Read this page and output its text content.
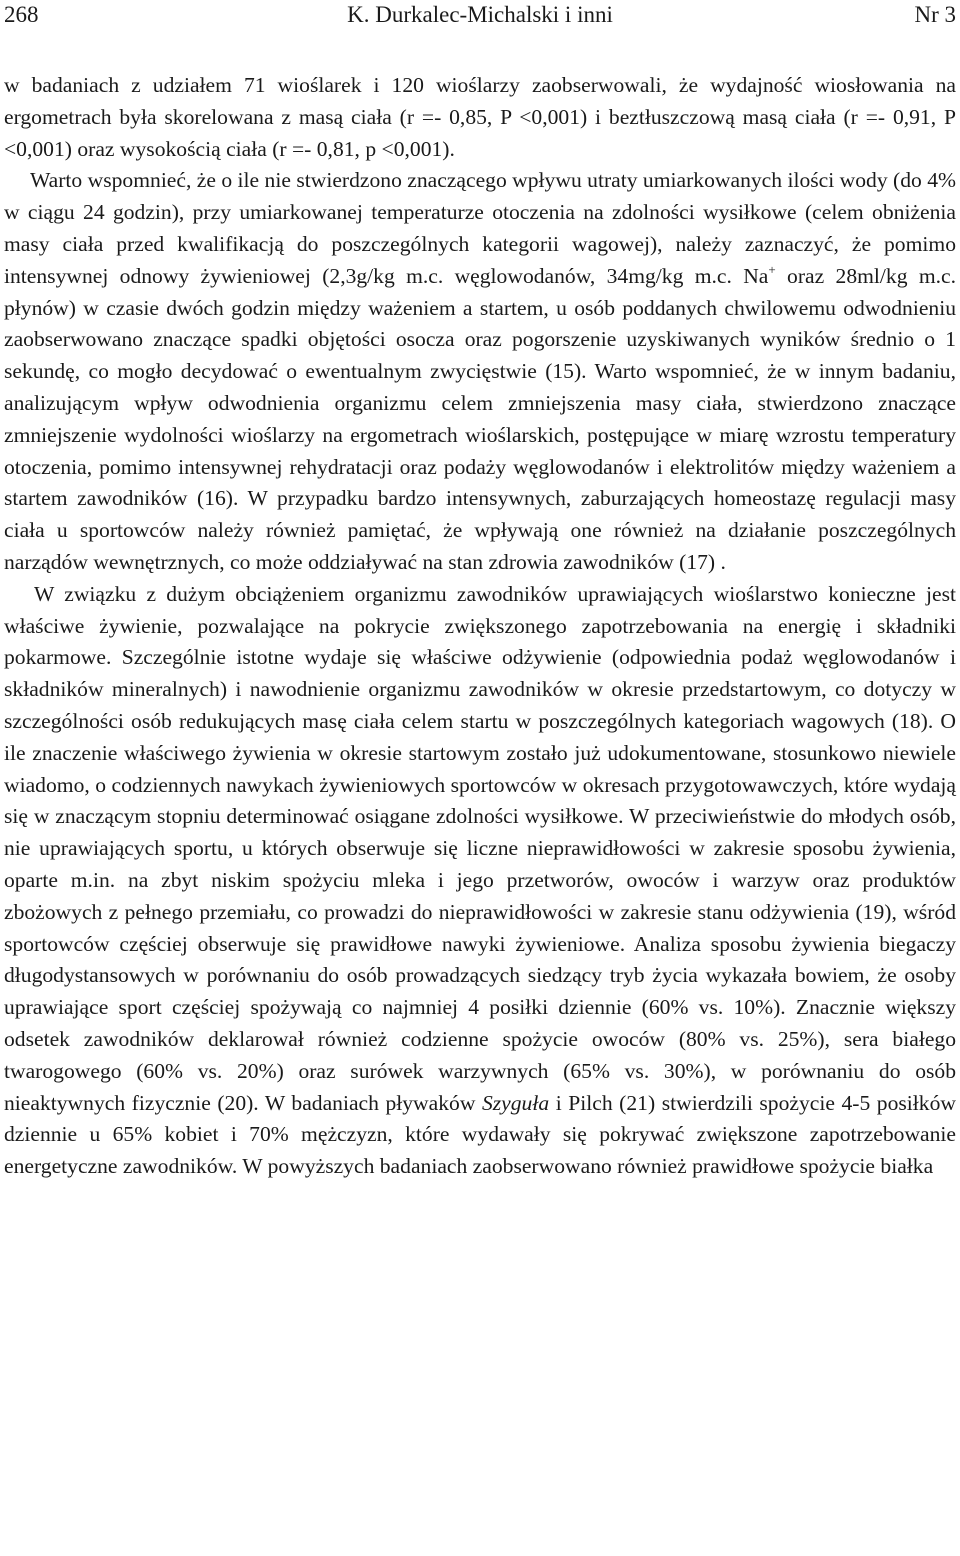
268	K. Durkalec-Michalski i inni	Nr 3

w badaniach z udziałem 71 wioślarek i 120 wioślarzy zaobserwowali, że wydajność wiosłowania na ergometrach była skorelowana z masą ciała (r =- 0,85, P <0,001) i beztłuszczową masą ciała (r =- 0,91, P <0,001) oraz wysokością ciała (r =- 0,81, p <0,001).

Warto wspomnieć, że o ile nie stwierdzono znaczącego wpływu utraty umiarkowanych ilości wody (do 4% w ciągu 24 godzin), przy umiarkowanej temperaturze otoczenia na zdolności wysiłkowe (celem obniżenia masy ciała przed kwalifikacją do poszczególnych kategorii wagowej), należy zaznaczyć, że pomimo intensywnej odnowy żywieniowej (2,3g/kg m.c. węglowodanów, 34mg/kg m.c. Na+ oraz 28ml/kg m.c. płynów) w czasie dwóch godzin między ważeniem a startem, u osób poddanych chwilowemu odwodnieniu zaobserwowano znaczące spadki objętości osocza oraz pogorszenie uzyskiwanych wyników średnio o 1 sekundę, co mogło decydować o ewentualnym zwycięstwie (15). Warto wspomnieć, że w innym badaniu, analizującym wpływ odwodnienia organizmu celem zmniejszenia masy ciała, stwierdzono znaczące zmniejszenie wydolności wioślarzy na ergometrach wioślarskich, postępujące w miarę wzrostu temperatury otoczenia, pomimo intensywnej rehydratacji oraz podaży węglowodanów i elektrolitów między ważeniem a startem zawodników (16). W przypadku bardzo intensywnych, zaburzających homeostazę regulacji masy ciała u sportowców należy również pamiętać, że wpływają one również na działanie poszczególnych narządów wewnętrznych, co może oddziaływać na stan zdrowia zawodników (17) .

W związku z dużym obciążeniem organizmu zawodników uprawiających wioślarstwo konieczne jest właściwe żywienie, pozwalające na pokrycie zwiększonego zapotrzebowania na energię i składniki pokarmowe. Szczególnie istotne wydaje się właściwe odżywienie (odpowiednia podaż węglowodanów i składników mineralnych) i nawodnienie organizmu zawodników w okresie przedstartowym, co dotyczy w szczególności osób redukujących masę ciała celem startu w poszczególnych kategoriach wagowych (18). O ile znaczenie właściwego żywienia w okresie startowym zostało już udokumentowane, stosunkowo niewiele wiadomo, o codziennych nawykach żywieniowych sportowców w okresach przygotowawczych, które wydają się w znaczącym stopniu determinować osiągane zdolności wysiłkowe. W przeciwieństwie do młodych osób, nie uprawiających sportu, u których obserwuje się liczne nieprawidłowości w zakresie sposobu żywienia, oparte m.in. na zbyt niskim spożyciu mleka i jego przetworów, owoców i warzyw oraz produktów zbożowych z pełnego przemiału, co prowadzi do nieprawidłowości w zakresie stanu odżywienia (19), wśród sportowców częściej obserwuje się prawidłowe nawyki żywieniowe. Analiza sposobu żywienia biegaczy długodystansowych w porównaniu do osób prowadzących siedzący tryb życia wykazała bowiem, że osoby uprawiające sport częściej spożywają co najmniej 4 posiłki dziennie (60% vs. 10%). Znacznie większy odsetek zawodników deklarował również codzienne spożycie owoców (80% vs. 25%), sera białego twarogowego (60% vs. 20%) oraz surówek warzywnych (65% vs. 30%), w porównaniu do osób nieaktywnych fizycznie (20). W badaniach pływaków Szyguła i Pilch (21) stwierdzili spożycie 4-5 posiłków dziennie u 65% kobiet i 70% mężczyzn, które wydawały się pokrywać zwiększone zapotrzebowanie energetyczne zawodników. W powyższych badaniach zaobserwowano również prawidłowe spożycie białka
